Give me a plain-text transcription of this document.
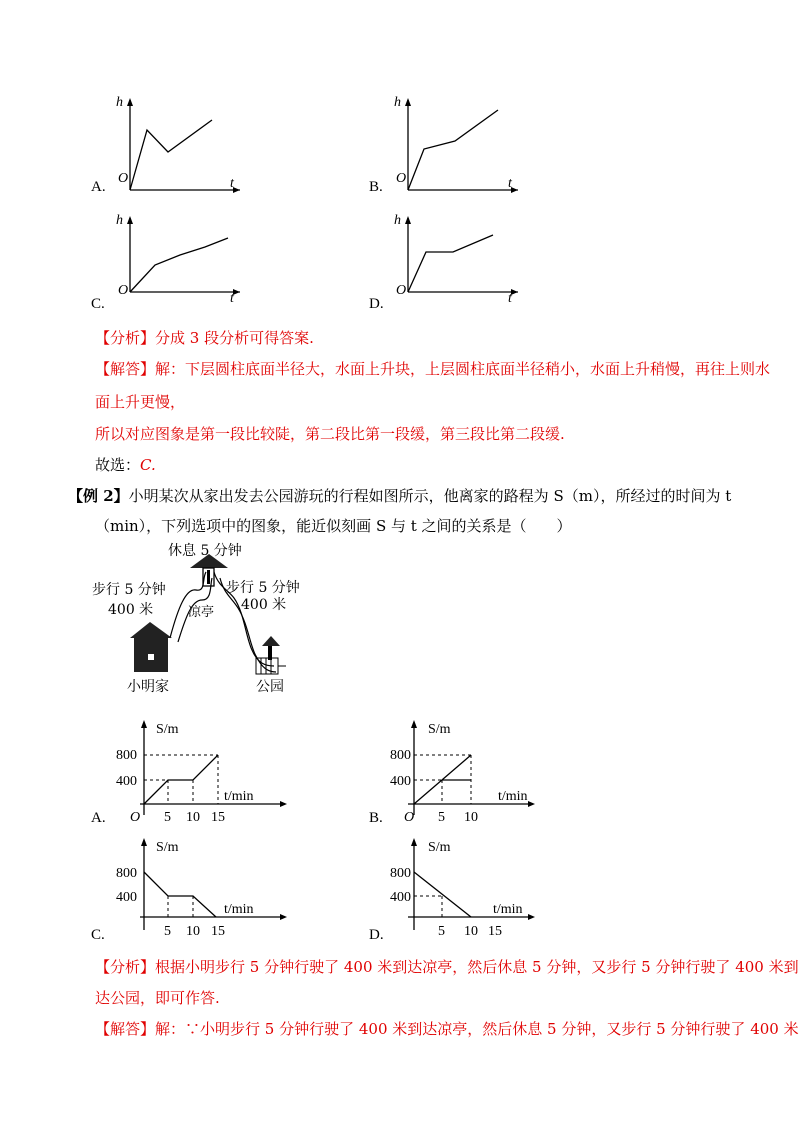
h
O	t
A.
h
O	t
B.
h
O
t
C.
h
O
t
D.
【分析】分成 3 段分析可得答案.
【解答】解：下层圆柱底面半径大，水面上升块，上层圆柱底面半径稍小，水面上升稍慢，再往上则水
面上升更慢，
所以对应图象是第一段比较陡，第二段比第一段缓，第三段比第二段缓.
故选：C.
【例 2】小明某次从家出发去公园游玩的行程如图所示，他离家的路程为 S（m），所经过的时间为 t
（min），下列选项中的图象，能近似刻画 S 与 t 之间的关系是（　　）
休息 5 分钟
步行 5 分钟
400 米
步行 5 分钟
400 米
凉亭
小明家	公园
S/m
800
400
t/min
O 5 10 15
A.
S/m
800
400
t/min
O 5 10
B.
S/m
800
400
t/min
5 10 15
C.
S/m
800
400
t/min
5 10 15
D.
【分析】根据小明步行 5 分钟行驶了 400 米到达凉亭，然后休息 5 分钟，又步行 5 分钟行驶了 400 米到
达公园，即可作答.
【解答】解：∵小明步行 5 分钟行驶了 400 米到达凉亭，然后休息 5 分钟，又步行 5 分钟行驶了 400 米
